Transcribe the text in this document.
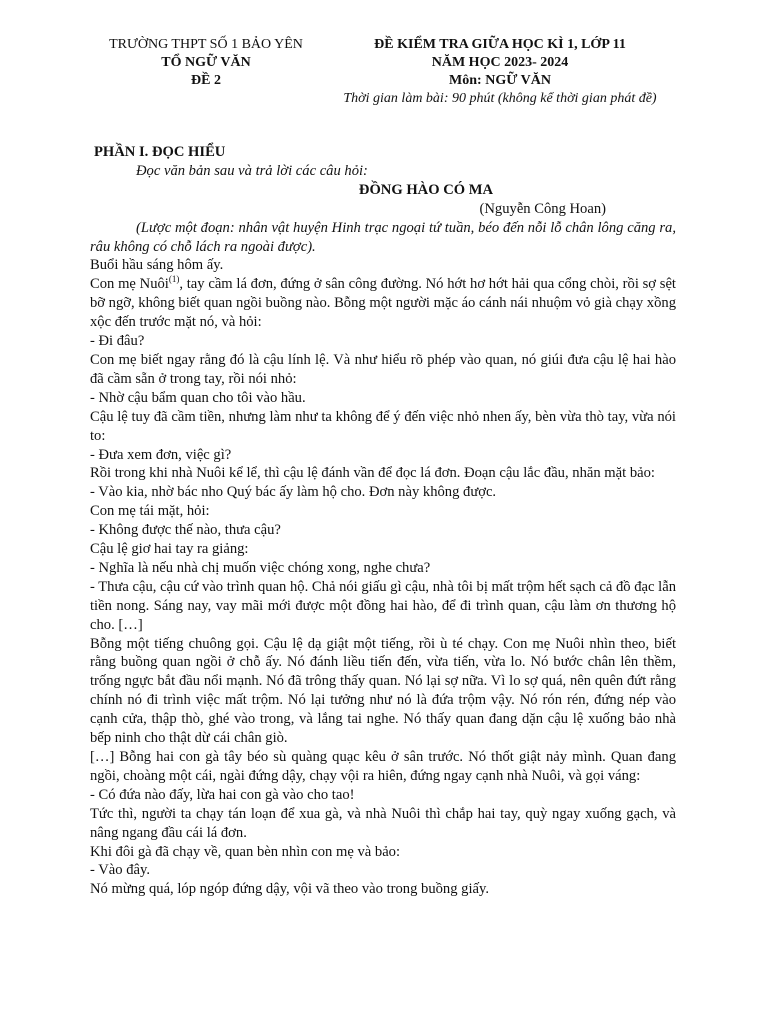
TRƯỜNG THPT SỐ 1 BẢO YÊN
TỔ NGỮ VĂN
ĐỀ 2
ĐỀ KIỂM TRA GIỮA HỌC KÌ 1, LỚP 11
NĂM HỌC 2023- 2024
Môn: NGỮ VĂN
Thời gian làm bài: 90 phút (không kể thời gian phát đề)

PHẦN I. ĐỌC HIỂU

Đọc văn bản sau và trả lời các câu hỏi:

ĐỒNG HÀO CÓ MA

(Nguyễn Công Hoan)

(Lược một đoạn: nhân vật huyện Hinh trạc ngoại tứ tuần, béo đến nỗi lỗ chân lông căng ra, râu không có chỗ lách ra ngoài được).

Buổi hầu sáng hôm ấy.

Con mẹ Nuôi$^{(1)}$, tay cầm lá đơn, đứng ở sân công đường. Nó hớt hơ hớt hải qua cổng chòi, rồi sợ sệt bỡ ngỡ, không biết quan ngồi buồng nào. Bỗng một người mặc áo cánh nái nhuộm vỏ già chạy xồng xộc đến trước mặt nó, và hỏi:

- Đi đâu?

Con mẹ biết ngay rằng đó là cậu lính lệ. Và như hiểu rõ phép vào quan, nó giúi đưa cậu lệ hai hào đã cầm sẵn ở trong tay, rồi nói nhỏ:

- Nhờ cậu bẩm quan cho tôi vào hầu.

Cậu lệ tuy đã cầm tiền, nhưng làm như ta không để ý đến việc nhỏ nhen ấy, bèn vừa thò tay, vừa nói to:

- Đưa xem đơn, việc gì?

Rồi trong khi nhà Nuôi kể lể, thì cậu lệ đánh vần để đọc lá đơn. Đoạn cậu lắc đầu, nhăn mặt bảo:

- Vào kia, nhờ bác nho Quý bác ấy làm hộ cho. Đơn này không được.

Con mẹ tái mặt, hỏi:

- Không được thế nào, thưa cậu?

Cậu lệ giơ hai tay ra giảng:

- Nghĩa là nếu nhà chị muốn việc chóng xong, nghe chưa?

- Thưa cậu, cậu cứ vào trình quan hộ. Chả nói giấu gì cậu, nhà tôi bị mất trộm hết sạch cả đồ đạc lẫn tiền nong. Sáng nay, vay mãi mới được một đồng hai hào, để đi trình quan, cậu làm ơn thương hộ cho. […]

Bỗng một tiếng chuông gọi. Cậu lệ dạ giật một tiếng, rồi ù té chạy. Con mẹ Nuôi nhìn theo, biết rằng buồng quan ngồi ở chỗ ấy. Nó đánh liều tiến đến, vừa tiến, vừa lo. Nó bước chân lên thềm, trống ngực bắt đầu nổi mạnh. Nó đã trông thấy quan. Nó lại sợ nữa. Vì lo sợ quá, nên quên đứt rằng chính nó đi trình việc mất trộm. Nó lại tưởng như nó là đứa trộm vậy. Nó rón rén, đứng nép vào cạnh cửa, thập thò, ghé vào trong, và lắng tai nghe. Nó thấy quan đang dặn cậu lệ xuống bảo nhà bếp ninh cho thật dừ cái chân giò.

[…] Bỗng hai con gà tây béo sù quàng quạc kêu ở sân trước. Nó thốt giật nảy mình. Quan đang ngồi, choàng một cái, ngài đứng dậy, chạy vội ra hiên, đứng ngay cạnh nhà Nuôi, và gọi váng:

- Có đứa nào đấy, lừa hai con gà vào cho tao!

Tức thì, người ta chạy tán loạn để xua gà, và nhà Nuôi thì chắp hai tay, quỳ ngay xuống gạch, và nâng ngang đầu cái lá đơn.

Khi đôi gà đã chạy về, quan bèn nhìn con mẹ và bảo:

- Vào đây.

Nó mừng quá, lóp ngóp đứng dậy, vội vã theo vào trong buồng giấy.
